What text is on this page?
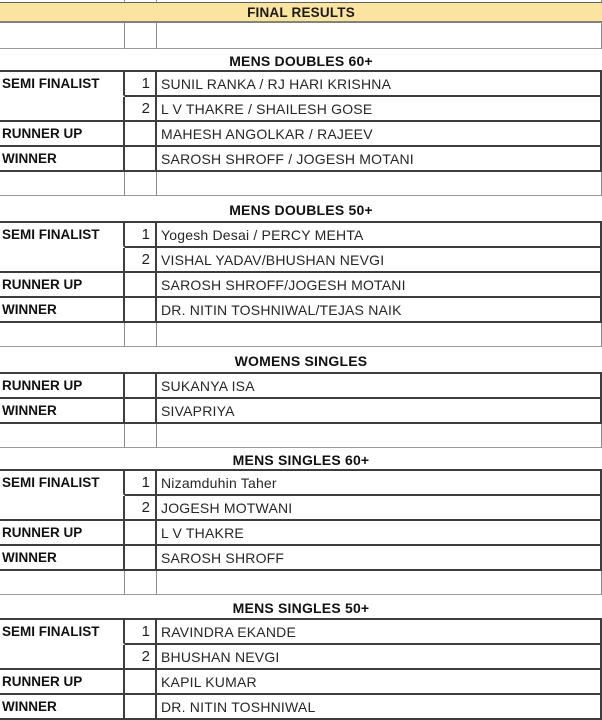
FINAL RESULTS
MENS DOUBLES 60+
SEMI FINALIST	1 SUNIL RANKA / RJ HARI KRISHNA
2 L V THAKRE / SHAILESH GOSE
RUNNER UP	MAHESH ANGOLKAR / RAJEEV
WINNER	SAROSH SHROFF / JOGESH MOTANI
MENS DOUBLES 50+
SEMI FINALIST	1 Yogesh Desai / PERCY MEHTA
2 VISHAL YADAV/BHUSHAN NEVGI
RUNNER UP	SAROSH SHROFF/JOGESH MOTANI
WINNER	DR. NITIN TOSHNIWAL/TEJAS NAIK
WOMENS SINGLES
RUNNER UP	SUKANYA ISA
WINNER	SIVAPRIYA
MENS SINGLES 60+
SEMI FINALIST	1 Nizamduhin Taher
2 JOGESH MOTWANI
RUNNER UP	L V THAKRE
WINNER	SAROSH SHROFF
MENS SINGLES 50+
SEMI FINALIST	1 RAVINDRA EKANDE
2 BHUSHAN NEVGI
RUNNER UP	KAPIL KUMAR
WINNER	DR. NITIN TOSHNIWAL
